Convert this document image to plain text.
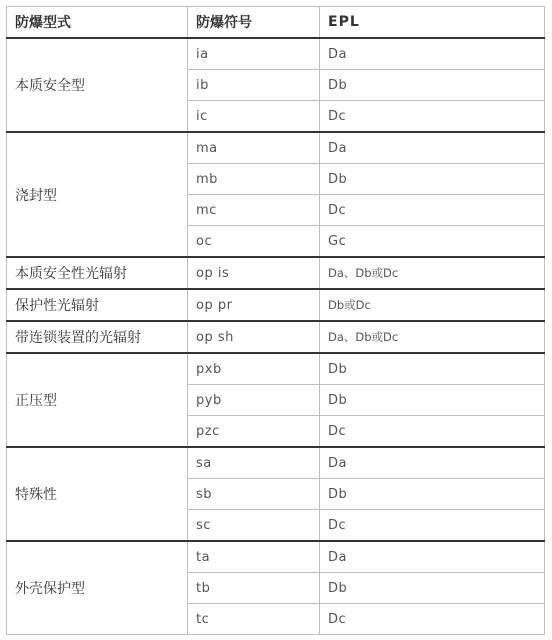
防爆型式	防爆符号	EPL
本质安全型	ia	Da
	ib	Db
	ic	Dc
浇封型	ma	Da
	mb	Db
	mc	Dc
	oc	Gc
本质安全性光辐射	op is	Da、Db或Dc
保护性光辐射	op pr	Db或Dc
带连锁装置的光辐射	op sh	Da、Db或Dc
正压型	pxb	Db
	pyb	Db
	pzc	Dc
特殊性	sa	Da
	sb	Db
	sc	Dc
外壳保护型	ta	Da
	tb	Db
	tc	Dc
